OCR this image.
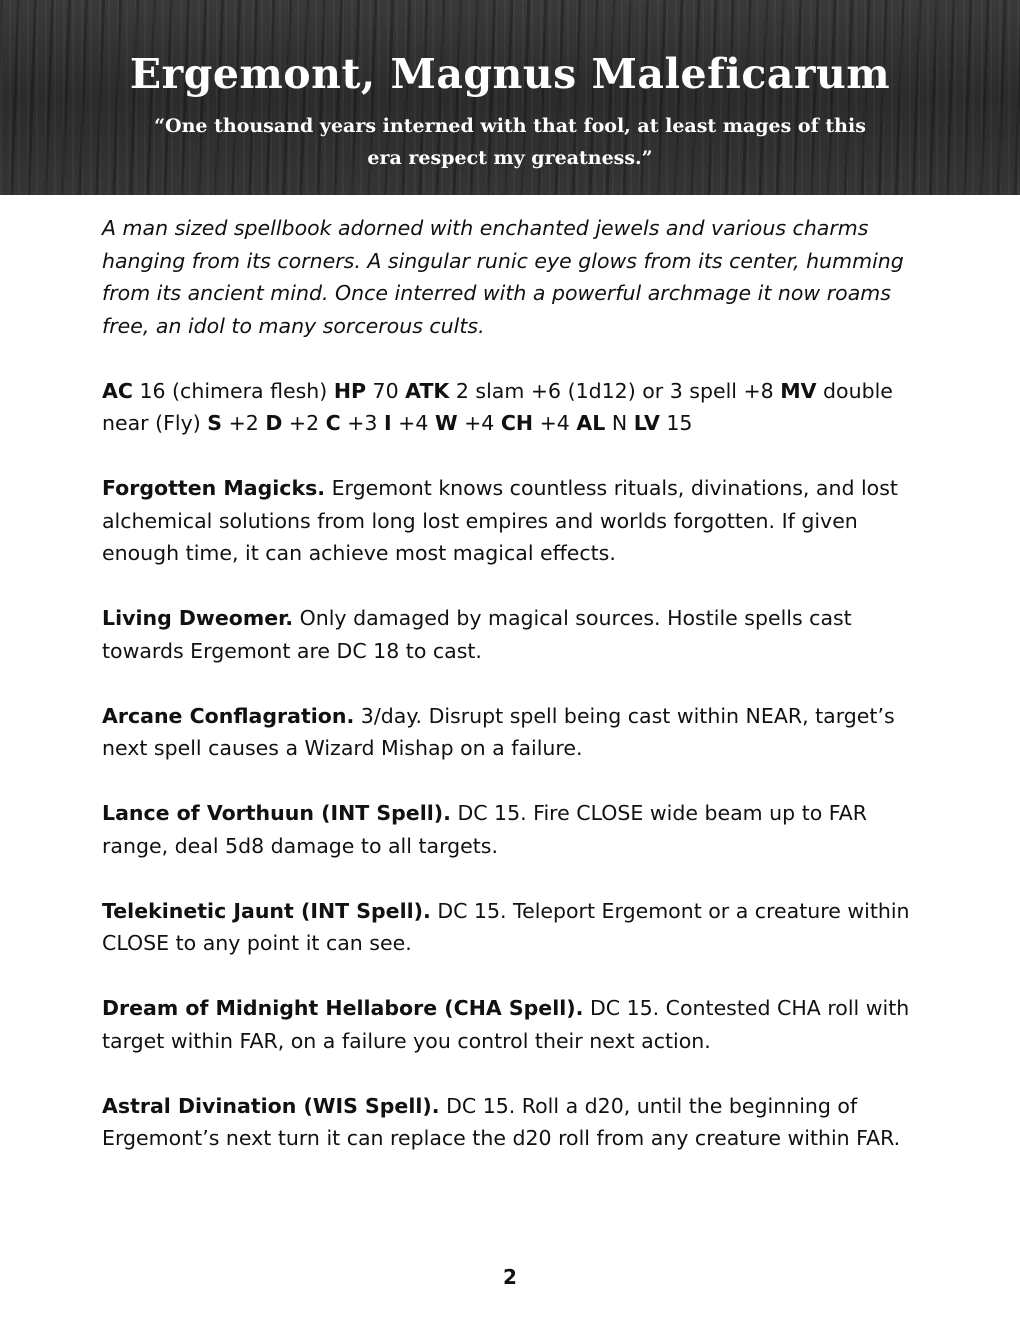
Ergemont, Magnus Maleficarum

“One thousand years interned with that fool, at least mages of this era respect my greatness.”

A man sized spellbook adorned with enchanted jewels and various charms hanging from its corners. A singular runic eye glows from its center, humming from its ancient mind. Once interred with a powerful archmage it now roams free, an idol to many sorcerous cults.

AC 16 (chimera flesh) HP 70 ATK 2 slam +6 (1d12) or 3 spell +8 MV double near (Fly) S +2 D +2 C +3 I +4 W +4 CH +4 AL N LV 15

Forgotten Magicks. Ergemont knows countless rituals, divinations, and lost alchemical solutions from long lost empires and worlds forgotten. If given enough time, it can achieve most magical effects.

Living Dweomer. Only damaged by magical sources. Hostile spells cast towards Ergemont are DC 18 to cast.

Arcane Conflagration. 3/day. Disrupt spell being cast within NEAR, target’s next spell causes a Wizard Mishap on a failure.

Lance of Vorthuun (INT Spell). DC 15. Fire CLOSE wide beam up to FAR range, deal 5d8 damage to all targets.

Telekinetic Jaunt (INT Spell). DC 15. Teleport Ergemont or a creature within CLOSE to any point it can see.

Dream of Midnight Hellabore (CHA Spell). DC 15. Contested CHA roll with target within FAR, on a failure you control their next action.

Astral Divination (WIS Spell). DC 15. Roll a d20, until the beginning of Ergemont’s next turn it can replace the d20 roll from any creature within FAR.

2
